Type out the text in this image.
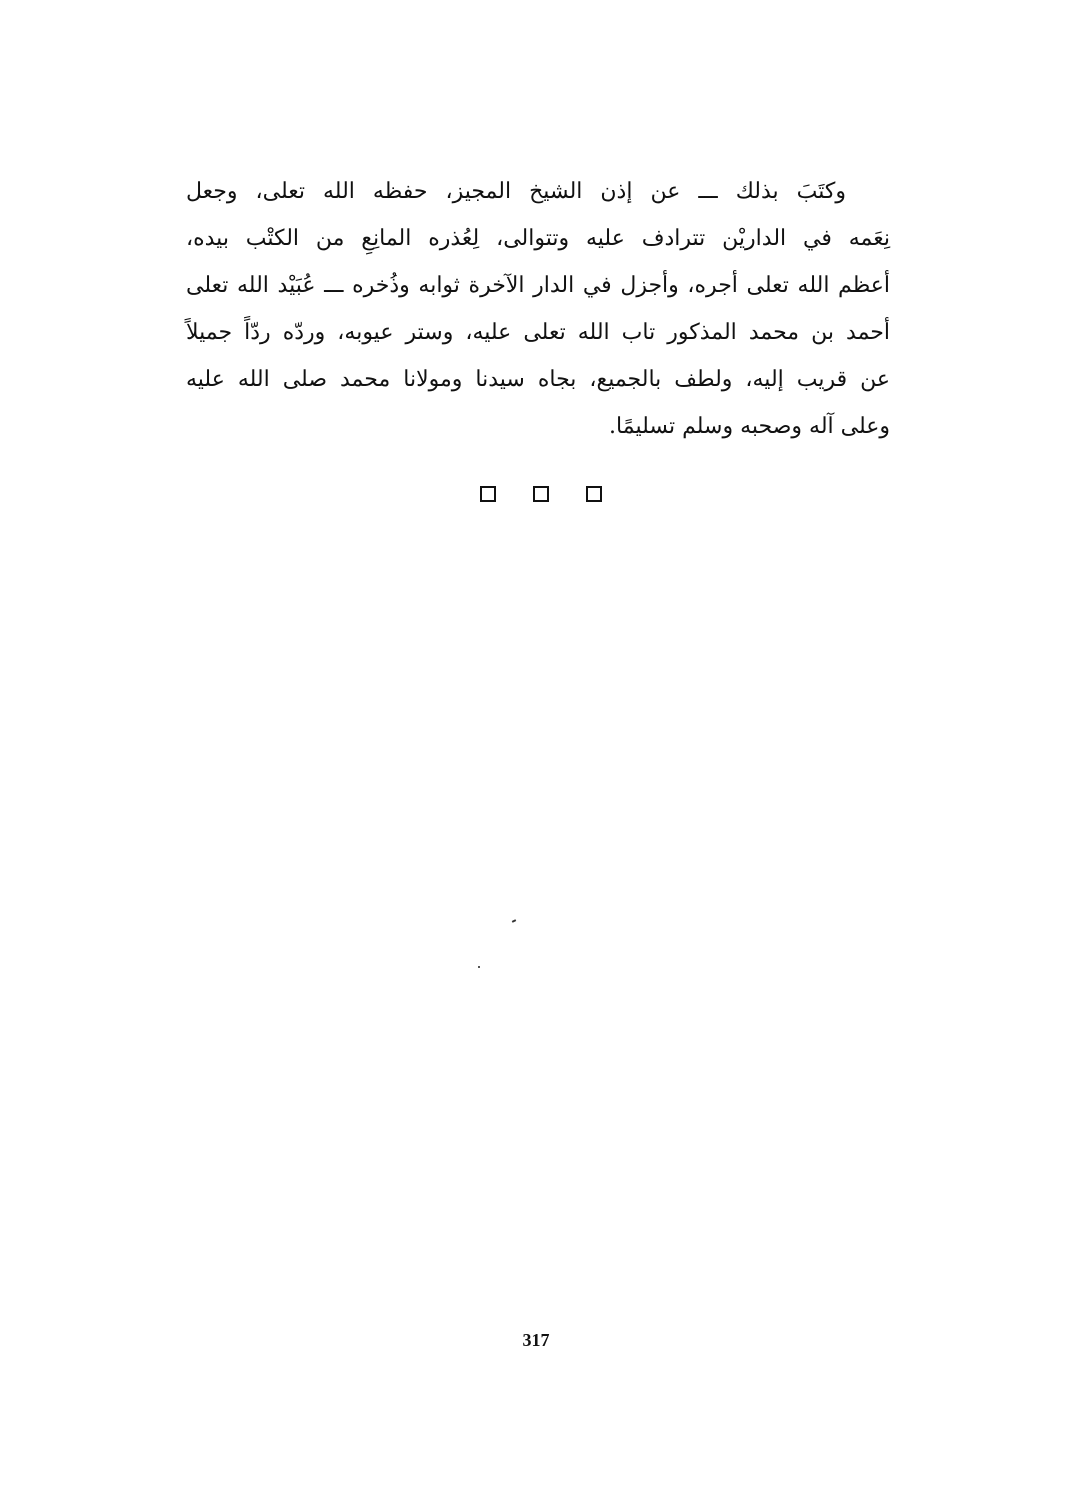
وكتَبَ بذلك ـــ عن إذن الشيخ المجيز، حفظه الله تعلى، وجعل
نِعَمه في الداريْن تترادف عليه وتتوالى، لِعُذره المانِعِ من الكتْب بيده،
أعظم الله تعلى أجره، وأجزل في الدار الآخرة ثوابه وذُخره ـــ عُبَيْد الله تعلى
أحمد بن محمد المذكور تاب الله تعلى عليه، وستر عيوبه، وردّه ردّاً جميلاً
عن قريب إليه، ولطف بالجميع، بجاه سيدنا ومولانا محمد صلى الله عليه
وعلى آله وصحبه وسلم تسليمًا.
317
